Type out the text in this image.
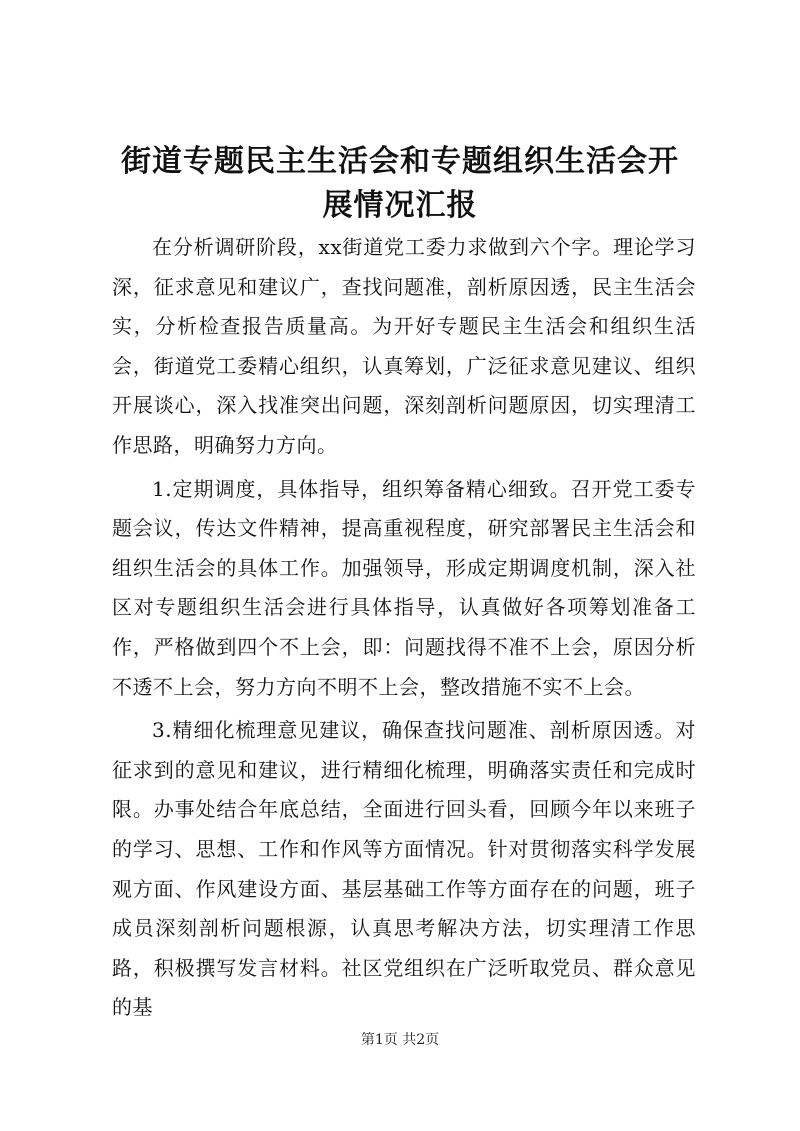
街道专题民主生活会和专题组织生活会开展情况汇报

在分析调研阶段，xx街道党工委力求做到六个字。理论学习深，征求意见和建议广，查找问题准，剖析原因透，民主生活会实，分析检查报告质量高。为开好专题民主生活会和组织生活会，街道党工委精心组织，认真筹划，广泛征求意见建议、组织开展谈心，深入找准突出问题，深刻剖析问题原因，切实理清工作思路，明确努力方向。

1.定期调度，具体指导，组织筹备精心细致。召开党工委专题会议，传达文件精神，提高重视程度，研究部署民主生活会和组织生活会的具体工作。加强领导，形成定期调度机制，深入社区对专题组织生活会进行具体指导，认真做好各项筹划准备工作，严格做到四个不上会，即：问题找得不准不上会，原因分析不透不上会，努力方向不明不上会，整改措施不实不上会。

3.精细化梳理意见建议，确保查找问题准、剖析原因透。对征求到的意见和建议，进行精细化梳理，明确落实责任和完成时限。办事处结合年底总结，全面进行回头看，回顾今年以来班子的学习、思想、工作和作风等方面情况。针对贯彻落实科学发展观方面、作风建设方面、基层基础工作等方面存在的问题，班子成员深刻剖析问题根源，认真思考解决方法，切实理清工作思路，积极撰写发言材料。社区党组织在广泛听取党员、群众意见的基

第1页 共2页
